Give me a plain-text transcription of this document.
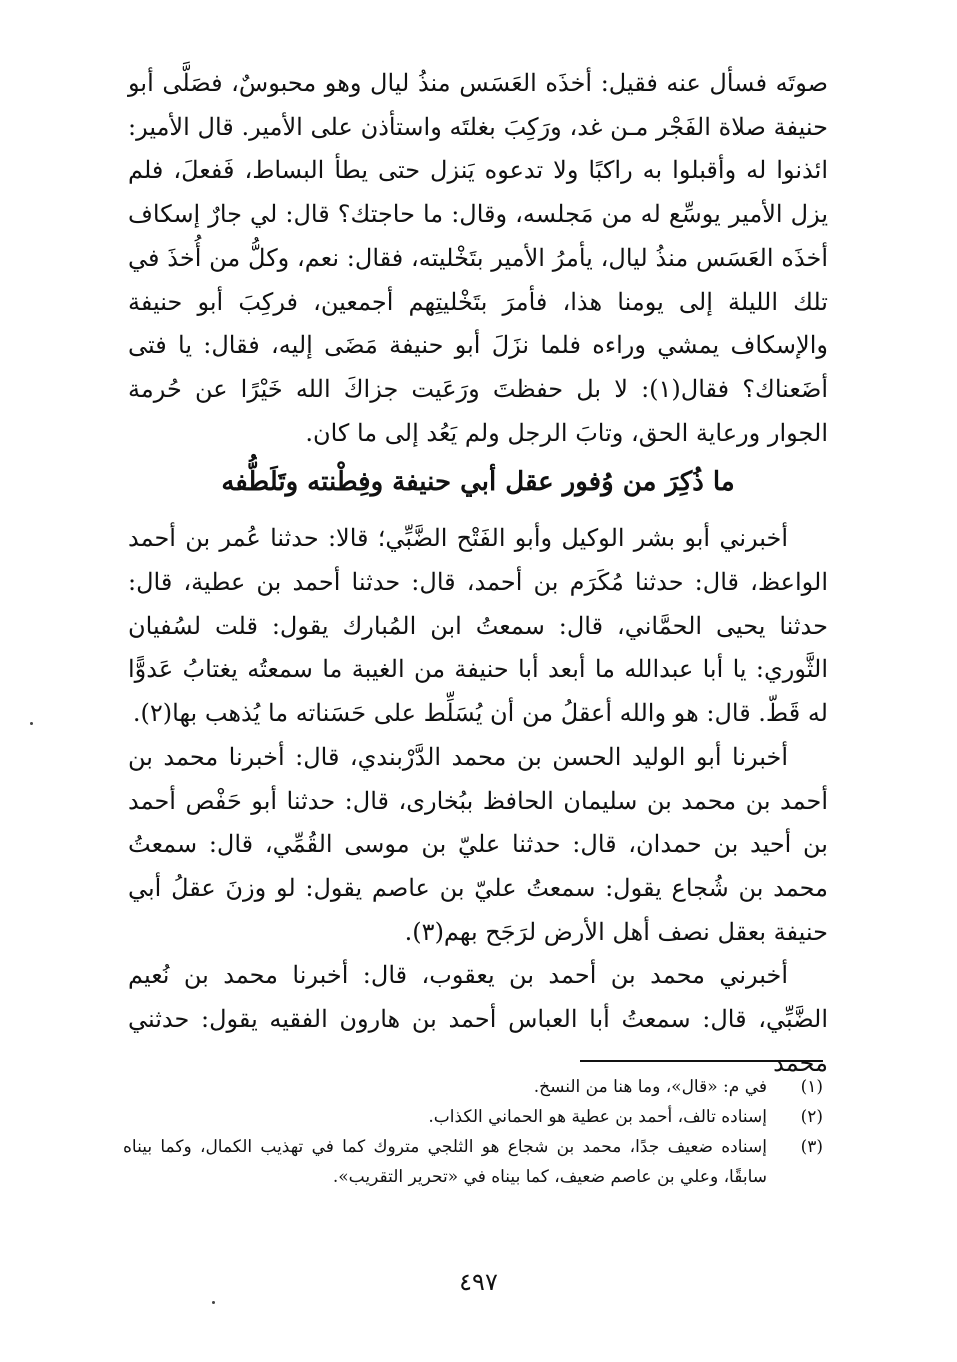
صوتَه فسأل عنه فقيل: أخذَه العَسَس منذُ ليال وهو محبوسٌ، فصَلَّى أبو حنيفة صلاة الفَجْر مـن غد، ورَكِبَ بغلتَه واستأذن على الأمير. قال الأمير: ائذنوا له وأقبلوا به راكبًا ولا تدعوه يَنزل حتى يطأ البساط، فَفعلَ، فلم يزل الأمير يوسِّع له من مَجلسه، وقال: ما حاجتك؟ قال: لي جارٌ إسكاف أخذَه العَسَس منذُ ليال، يأمرُ الأمير بتَخْليته، فقال: نعم، وكلُّ من أُخذَ في تلك الليلة إلى يومنا هذا، فأمرَ بتَخْليتِهم أجمعين، فركِبَ أبو حنيفة والإسكاف يمشي وراءه فلما نزَلَ أبو حنيفة مَضَى إليه، فقال: يا فتى أضَعناك؟ فقال(١): لا بل حفظتَ ورَعَيت جزاكَ الله خَيْرًا عن حُرمة الجوار ورعاية الحق، وتابَ الرجل ولم يَعُد إلى ما كان.

ما ذُكِرَ من وُفور عقل أبي حنيفة وفِطْنته وتَلَطُّفه

أخبرني أبو بشر الوكيل وأبو الفَتْح الضَّبِّي؛ قالا: حدثنا عُمر بن أحمد الواعظ، قال: حدثنا مُكَرَم بن أحمد، قال: حدثنا أحمد بن عطية، قال: حدثنا يحيى الحمَّاني، قال: سمعتُ ابن المُبارك يقول: قلت لسُفيان الثَّوري: يا أبا عبدالله ما أبعد أبا حنيفة من الغيبة ما سمعتُه يغتابُ عَدوًّا له قَطّ. قال: هو والله أعقلُ من أن يُسَلِّط على حَسَناته ما يُذهب بها(٢).

أخبرنا أبو الوليد الحسن بن محمد الدَّرْبندي، قال: أخبرنا محمد بن أحمد بن محمد بن سليمان الحافظ ببُخارى، قال: حدثنا أبو حَفْص أحمد بن أحيد بن حمدان، قال: حدثنا عليّ بن موسى القُمِّي، قال: سمعتُ محمد بن شُجاع يقول: سمعتُ عليّ بن عاصم يقول: لو وزنَ عقلُ أبي حنيفة بعقل نصف أهل الأرض لرَجَح بهم(٣).

أخبرني محمد بن أحمد بن يعقوب، قال: أخبرنا محمد بن نُعيم الضَّبِّي، قال: سمعتُ أبا العباس أحمد بن هارون الفقيه يقول: حدثني محمد

(١)
في م: «قال»، وما هنا من النسخ.
(٢)
إسناده تالف، أحمد بن عطية هو الحماني الكذاب.
(٣)
إسناده ضعيف جدًا، محمد بن شجاع هو الثلجي متروك كما في تهذيب الكمال، وكما بيناه سابقًا، وعلي بن عاصم ضعيف، كما بيناه في «تحرير التقريب».
٤٩٧
